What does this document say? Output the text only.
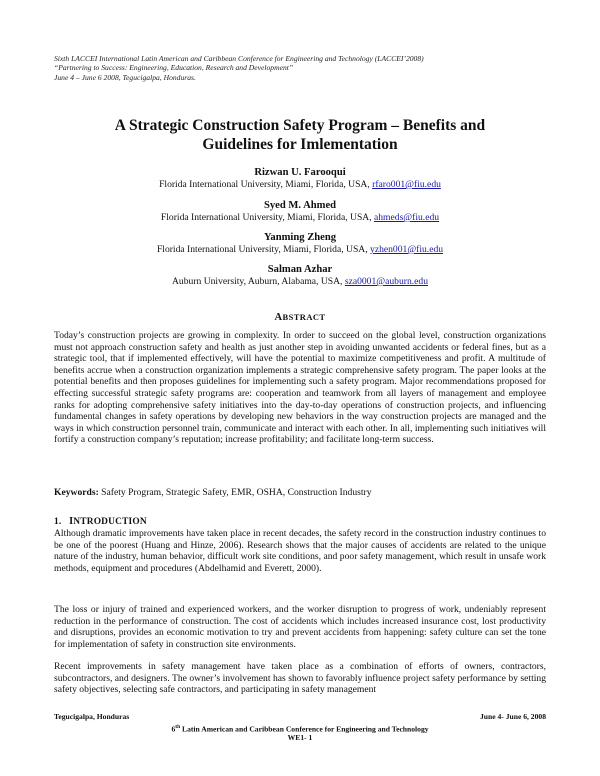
Sixth LACCEI International Latin American and Caribbean Conference for Engineering and Technology (LACCEI’2008)
“Partnering to Success: Engineering, Education, Research and Development”
June 4 – June 6 2008, Tegucigalpa, Honduras.
A Strategic Construction Safety Program – Benefits and
Guidelines for Imlementation
Rizwan U. Farooqui
Florida International University, Miami, Florida, USA, rfaro001@fiu.edu
Syed M. Ahmed
Florida International University, Miami, Florida, USA, ahmeds@fiu.edu
Yanming Zheng
Florida International University, Miami, Florida, USA, yzhen001@fiu.edu
Salman Azhar
Auburn University, Auburn, Alabama, USA, sza0001@auburn.edu
ABSTRACT
Today’s construction projects are growing in complexity. In order to succeed on the global level, construction organizations must not approach construction safety and health as just another step in avoiding unwanted accidents or federal fines, but as a strategic tool, that if implemented effectively, will have the potential to maximize competitiveness and profit. A multitude of benefits accrue when a construction organization implements a strategic comprehensive safety program. The paper looks at the potential benefits and then proposes guidelines for implementing such a safety program. Major recommendations proposed for effecting successful strategic safety programs are: cooperation and teamwork from all layers of management and employee ranks for adopting comprehensive safety initiatives into the day-to-day operations of construction projects, and influencing fundamental changes in safety operations by developing new behaviors in the way construction projects are managed and the ways in which construction personnel train, communicate and interact with each other. In all, implementing such initiatives will fortify a construction company’s reputation; increase profitability; and facilitate long-term success.
Keywords: Safety Program, Strategic Safety, EMR, OSHA, Construction Industry
1. INTRODUCTION
Although dramatic improvements have taken place in recent decades, the safety record in the construction industry continues to be one of the poorest (Huang and Hinze, 2006). Research shows that the major causes of accidents are related to the unique nature of the industry, human behavior, difficult work site conditions, and poor safety management, which result in unsafe work methods, equipment and procedures (Abdelhamid and Everett, 2000).
The loss or injury of trained and experienced workers, and the worker disruption to progress of work, undeniably represent reduction in the performance of construction. The cost of accidents which includes increased insurance cost, lost productivity and disruptions, provides an economic motivation to try and prevent accidents from happening: safety culture can set the tone for implementation of safety in construction site environments.
Recent improvements in safety management have taken place as a combination of efforts of owners, contractors, subcontractors, and designers. The owner’s involvement has shown to favorably influence project safety performance by setting safety objectives, selecting safe contractors, and participating in safety management
Tegucigalpa, Honduras	June 4- June 6, 2008
6th Latin American and Caribbean Conference for Engineering and Technology
WE1- 1
